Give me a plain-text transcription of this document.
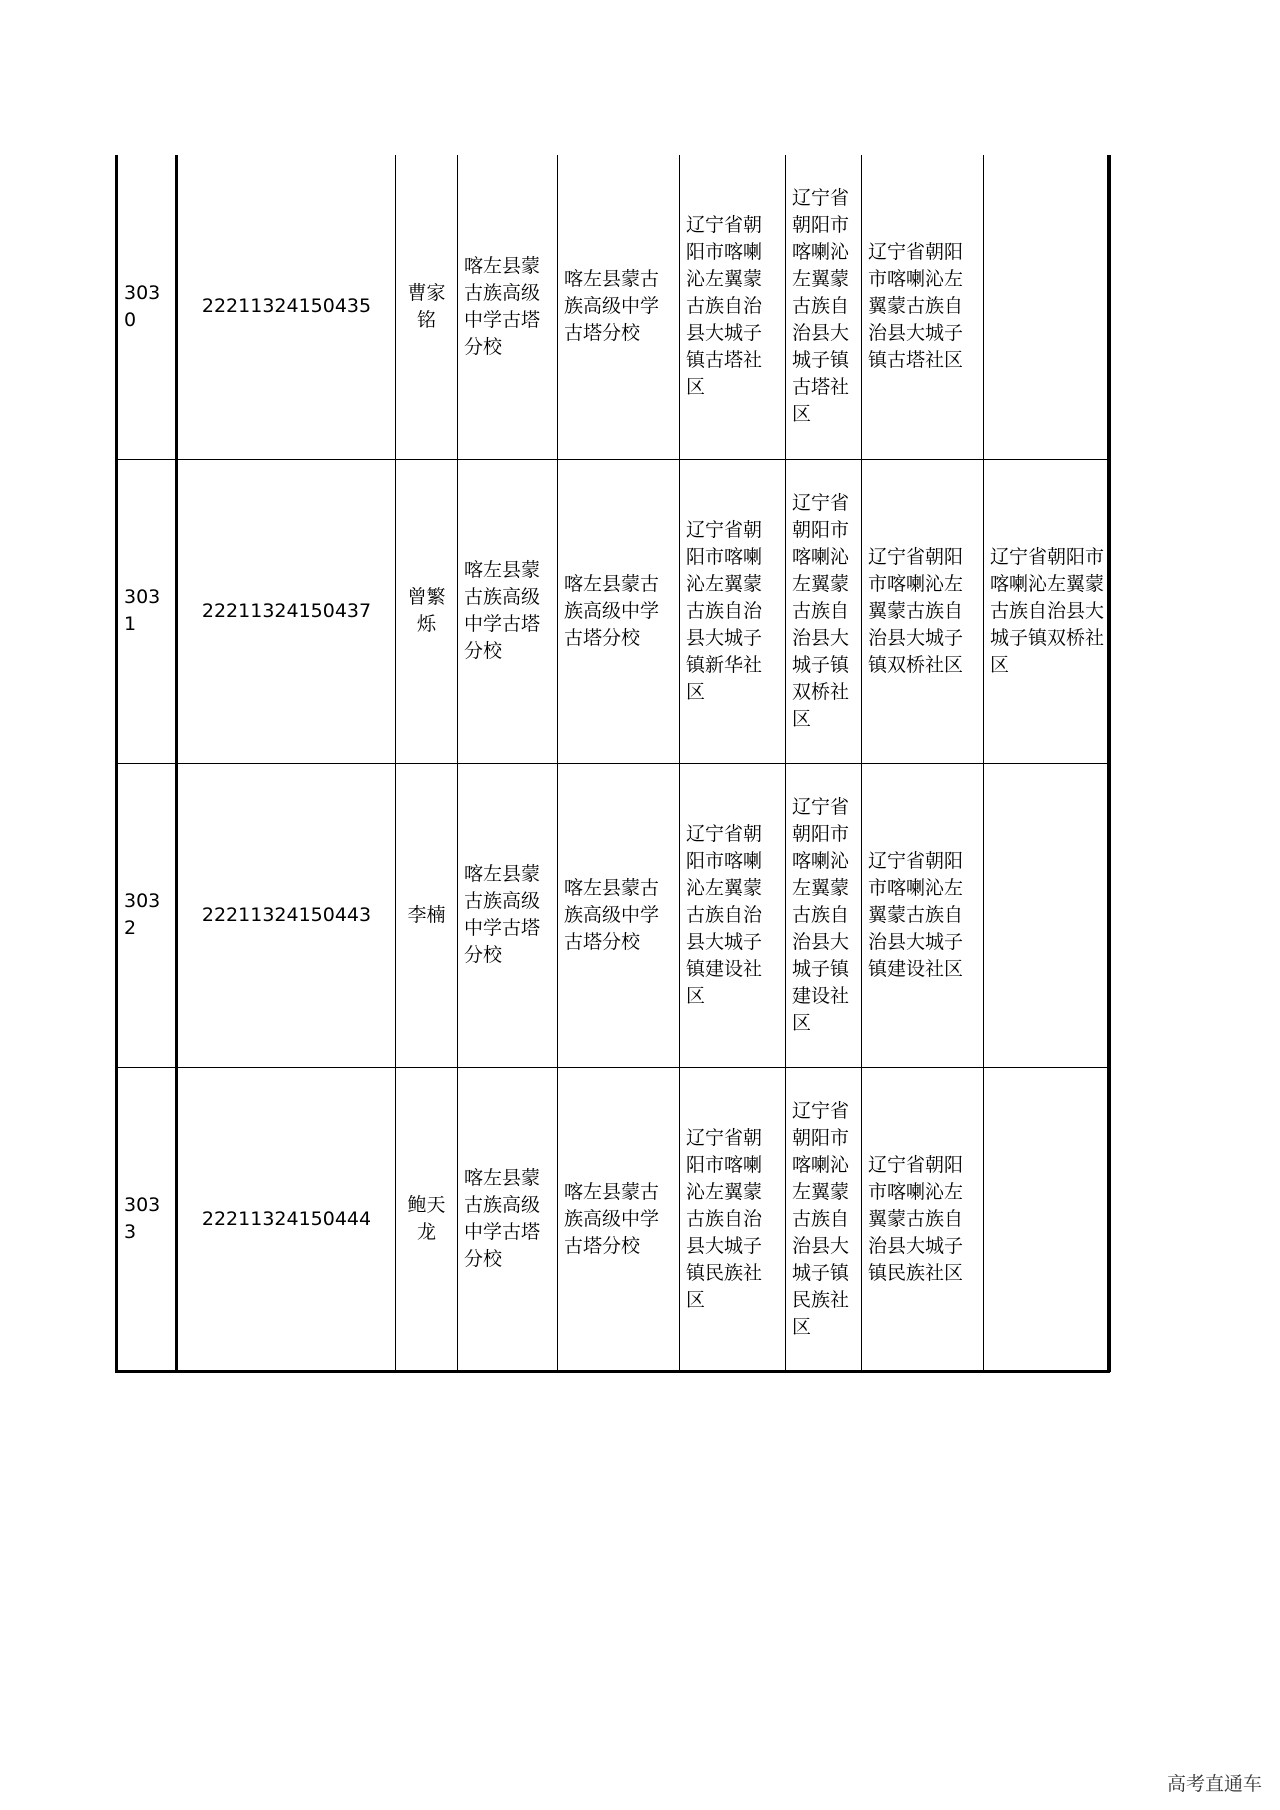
3030	22211324150435	曹家铭	喀左县蒙古族高级中学古塔分校	喀左县蒙古族高级中学古塔分校	辽宁省朝阳市喀喇沁左翼蒙古族自治县大城子镇古塔社区	辽宁省朝阳市喀喇沁左翼蒙古族自治县大城子镇古塔社区	辽宁省朝阳市喀喇沁左翼蒙古族自治县大城子镇古塔社区	
3031	22211324150437	曾繁烁	喀左县蒙古族高级中学古塔分校	喀左县蒙古族高级中学古塔分校	辽宁省朝阳市喀喇沁左翼蒙古族自治县大城子镇新华社区	辽宁省朝阳市喀喇沁左翼蒙古族自治县大城子镇双桥社区	辽宁省朝阳市喀喇沁左翼蒙古族自治县大城子镇双桥社区	辽宁省朝阳市喀喇沁左翼蒙古族自治县大城子镇双桥社区
3032	22211324150443	李楠	喀左县蒙古族高级中学古塔分校	喀左县蒙古族高级中学古塔分校	辽宁省朝阳市喀喇沁左翼蒙古族自治县大城子镇建设社区	辽宁省朝阳市喀喇沁左翼蒙古族自治县大城子镇建设社区	辽宁省朝阳市喀喇沁左翼蒙古族自治县大城子镇建设社区	
3033	22211324150444	鲍天龙	喀左县蒙古族高级中学古塔分校	喀左县蒙古族高级中学古塔分校	辽宁省朝阳市喀喇沁左翼蒙古族自治县大城子镇民族社区	辽宁省朝阳市喀喇沁左翼蒙古族自治县大城子镇民族社区	辽宁省朝阳市喀喇沁左翼蒙古族自治县大城子镇民族社区	
高考直通车
